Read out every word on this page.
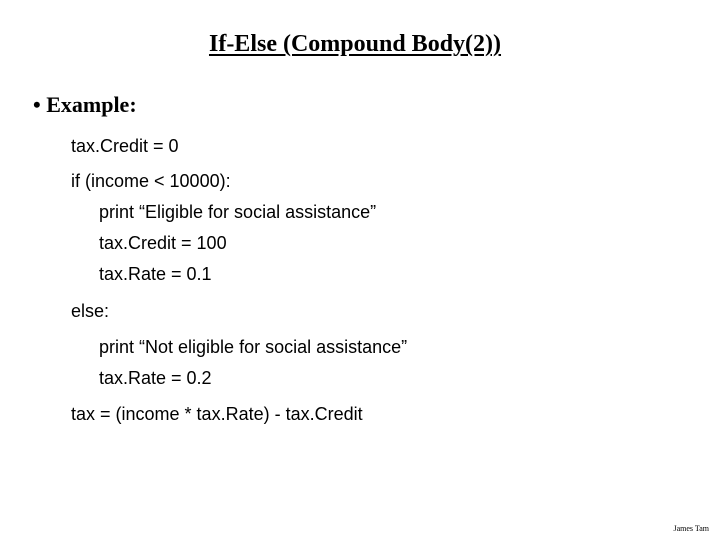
If-Else (Compound Body(2))
• Example:
tax.Credit = 0
if (income < 10000):
print “Eligible for social assistance”
tax.Credit = 100
tax.Rate = 0.1
else:
print “Not eligible for social assistance”
tax.Rate = 0.2
tax = (income * tax.Rate) - tax.Credit
James Tam
